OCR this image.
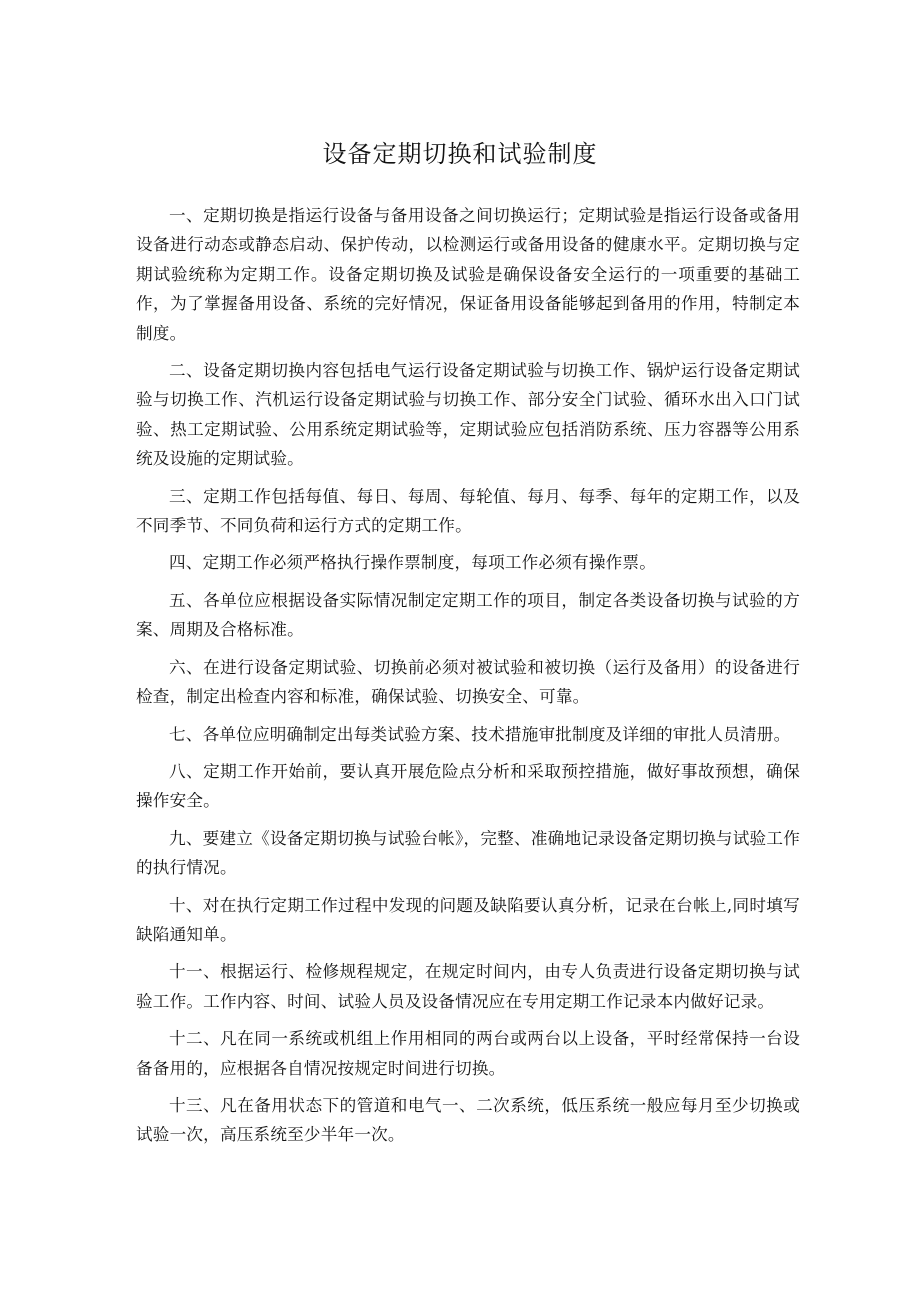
设备定期切换和试验制度

一、定期切换是指运行设备与备用设备之间切换运行；定期试验是指运行设备或备用设备进行动态或静态启动、保护传动，以检测运行或备用设备的健康水平。定期切换与定期试验统称为定期工作。设备定期切换及试验是确保设备安全运行的一项重要的基础工作，为了掌握备用设备、系统的完好情况，保证备用设备能够起到备用的作用，特制定本制度。

二、设备定期切换内容包括电气运行设备定期试验与切换工作、锅炉运行设备定期试验与切换工作、汽机运行设备定期试验与切换工作、部分安全门试验、循环水出入口门试验、热工定期试验、公用系统定期试验等，定期试验应包括消防系统、压力容器等公用系统及设施的定期试验。

三、定期工作包括每值、每日、每周、每轮值、每月、每季、每年的定期工作，以及不同季节、不同负荷和运行方式的定期工作。

四、定期工作必须严格执行操作票制度，每项工作必须有操作票。

五、各单位应根据设备实际情况制定定期工作的项目，制定各类设备切换与试验的方案、周期及合格标准。

六、在进行设备定期试验、切换前必须对被试验和被切换（运行及备用）的设备进行检查，制定出检查内容和标准，确保试验、切换安全、可靠。

七、各单位应明确制定出每类试验方案、技术措施审批制度及详细的审批人员清册。

八、定期工作开始前，要认真开展危险点分析和采取预控措施，做好事故预想，确保操作安全。

九、要建立《设备定期切换与试验台帐》，完整、准确地记录设备定期切换与试验工作的执行情况。

十、对在执行定期工作过程中发现的问题及缺陷要认真分析，记录在台帐上,同时填写缺陷通知单。

十一、根据运行、检修规程规定，在规定时间内，由专人负责进行设备定期切换与试验工作。工作内容、时间、试验人员及设备情况应在专用定期工作记录本内做好记录。

十二、凡在同一系统或机组上作用相同的两台或两台以上设备，平时经常保持一台设备备用的，应根据各自情况按规定时间进行切换。

十三、凡在备用状态下的管道和电气一、二次系统，低压系统一般应每月至少切换或试验一次，高压系统至少半年一次。
